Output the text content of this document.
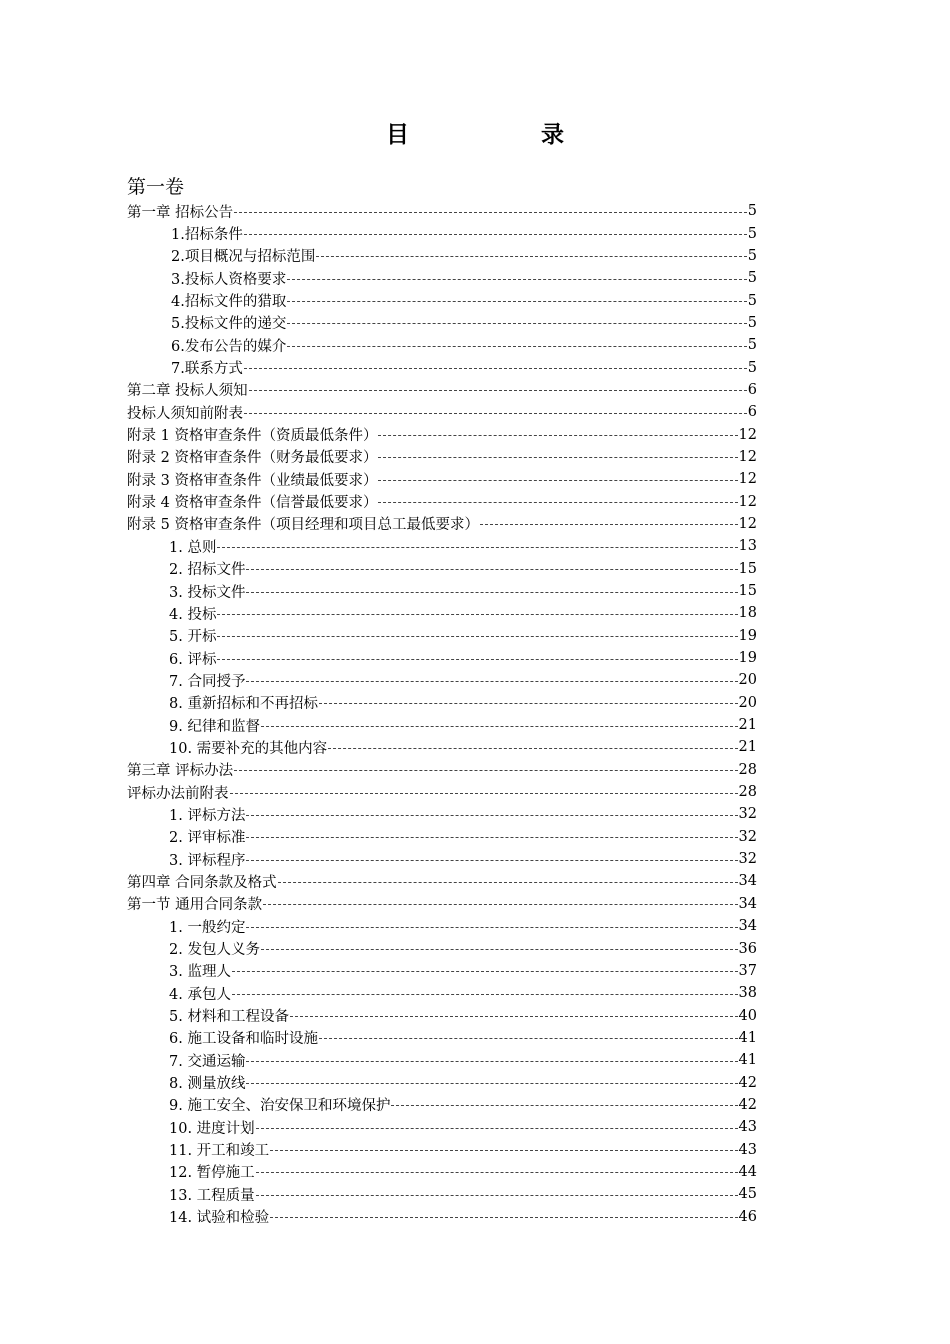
目 录
第一卷
第一章 招标公告	5
1.招标条件	5
2.项目概况与招标范围	5
3.投标人资格要求	5
4.招标文件的猎取	5
5.投标文件的递交	5
6.发布公告的媒介	5
7.联系方式	5
第二章 投标人须知	6
投标人须知前附表	6
附录 1 资格审查条件（资质最低条件）	12
附录 2 资格审查条件（财务最低要求）	12
附录 3 资格审查条件（业绩最低要求）	12
附录 4 资格审查条件（信誉最低要求）	12
附录 5 资格审查条件（项目经理和项目总工最低要求）	12
1. 总则	13
2. 招标文件	15
3. 投标文件	15
4. 投标	18
5. 开标	19
6. 评标	19
7. 合同授予	20
8. 重新招标和不再招标	20
9. 纪律和监督	21
10. 需要补充的其他内容	21
第三章 评标办法	28
评标办法前附表	28
1. 评标方法	32
2. 评审标准	32
3. 评标程序	32
第四章 合同条款及格式	34
第一节 通用合同条款	34
1. 一般约定	34
2. 发包人义务	36
3. 监理人	37
4. 承包人	38
5. 材料和工程设备	40
6. 施工设备和临时设施	41
7. 交通运输	41
8. 测量放线	42
9. 施工安全、治安保卫和环境保护	42
10. 进度计划	43
11. 开工和竣工	43
12. 暂停施工	44
13. 工程质量	45
14. 试验和检验	46
